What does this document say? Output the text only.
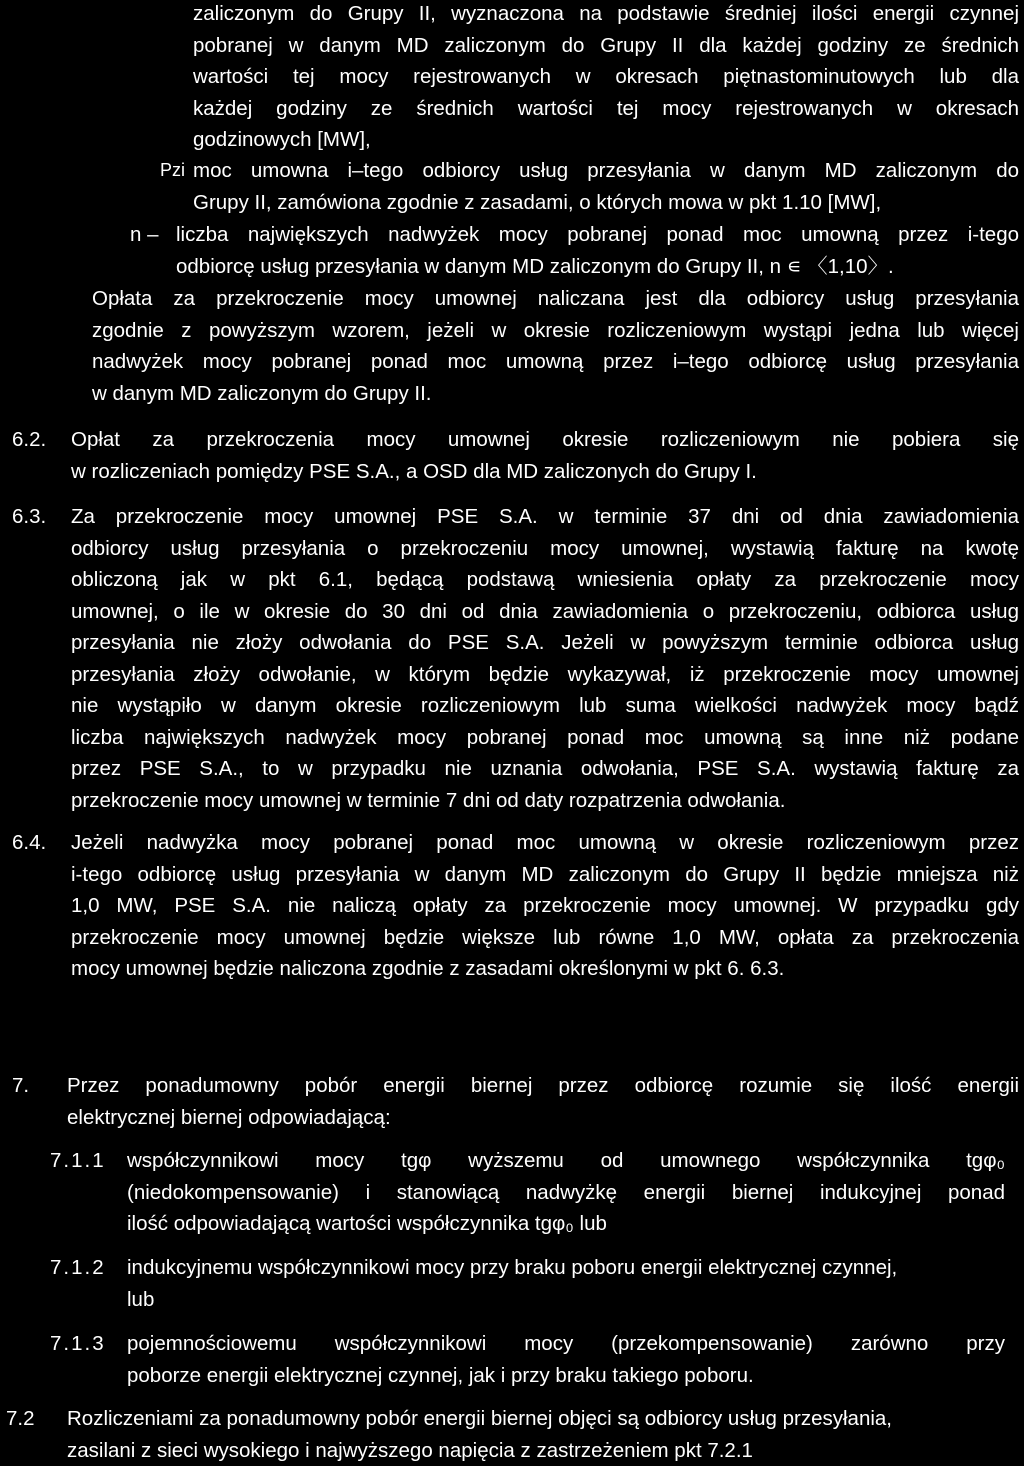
zaliczonym do Grupy II, wyznaczona na podstawie średniej ilości energii czynnej

pobranej w danym MD zaliczonym do Grupy II dla każdej godziny ze średnich

wartości tej mocy rejestrowanych w okresach piętnastominutowych lub dla

każdej godziny ze średnich wartości tej mocy rejestrowanych w okresach

godzinowych [MW],

Pzi moc umowna i–tego odbiorcy usług przesyłania w danym MD zaliczonym do

Grupy II, zamówiona zgodnie z zasadami, o których mowa w pkt 1.10 [MW],

n – liczba największych nadwyżek mocy pobranej ponad moc umowną przez i-tego

odbiorcę usług przesyłania w danym MD zaliczonym do Grupy II, n ∊ 〈1,10〉.

Opłata za przekroczenie mocy umownej naliczana jest dla odbiorcy usług przesyłania

zgodnie z powyższym wzorem, jeżeli w okresie rozliczeniowym wystąpi jedna lub więcej

nadwyżek mocy pobranej ponad moc umowną przez i–tego odbiorcę usług przesyłania

w danym MD zaliczonym do Grupy II.

6.2. Opłat za przekroczenia mocy umownej okresie rozliczeniowym nie pobiera się

w rozliczeniach pomiędzy PSE S.A., a OSD dla MD zaliczonych do Grupy I.

6.3. Za przekroczenie mocy umownej PSE S.A. w terminie 37 dni od dnia zawiadomienia

odbiorcy usług przesyłania o przekroczeniu mocy umownej, wystawią fakturę na kwotę

obliczoną jak w pkt 6.1, będącą podstawą wniesienia opłaty za przekroczenie mocy

umownej, o ile w okresie do 30 dni od dnia zawiadomienia o przekroczeniu, odbiorca usług

przesyłania nie złoży odwołania do PSE S.A. Jeżeli w powyższym terminie odbiorca usług

przesyłania złoży odwołanie, w którym będzie wykazywał, iż przekroczenie mocy umownej

nie wystąpiło w danym okresie rozliczeniowym lub suma wielkości nadwyżek mocy bądź

liczba największych nadwyżek mocy pobranej ponad moc umowną są inne niż podane

przez PSE S.A., to w przypadku nie uznania odwołania, PSE S.A. wystawią fakturę za

przekroczenie mocy umownej w terminie 7 dni od daty rozpatrzenia odwołania.

6.4. Jeżeli nadwyżka mocy pobranej ponad moc umowną w okresie rozliczeniowym przez

i-tego odbiorcę usług przesyłania w danym MD zaliczonym do Grupy II będzie mniejsza niż

1,0 MW, PSE S.A. nie naliczą opłaty za przekroczenie mocy umownej. W przypadku gdy

przekroczenie mocy umownej będzie większe lub równe 1,0 MW, opłata za przekroczenia

mocy umownej będzie naliczona zgodnie z zasadami określonymi w pkt 6. 6.3.

7. Przez ponadumowny pobór energii biernej przez odbiorcę rozumie się ilość energii

elektrycznej biernej odpowiadającą:

7.1.1 współczynnikowi mocy tgφ wyższemu od umownego współczynnika tgφ₀

(niedokompensowanie) i stanowiącą nadwyżkę energii biernej indukcyjnej ponad

ilość odpowiadającą wartości współczynnika tgφ₀ lub

7.1.2 indukcyjnemu współczynnikowi mocy przy braku poboru energii elektrycznej czynnej,

lub

7.1.3 pojemnościowemu współczynnikowi mocy (przekompensowanie) zarówno przy

poborze energii elektrycznej czynnej, jak i przy braku takiego poboru.

7.2 Rozliczeniami za ponadumowny pobór energii biernej objęci są odbiorcy usług przesyłania,

zasilani z sieci wysokiego i najwyższego napięcia z zastrzeżeniem pkt 7.2.1
